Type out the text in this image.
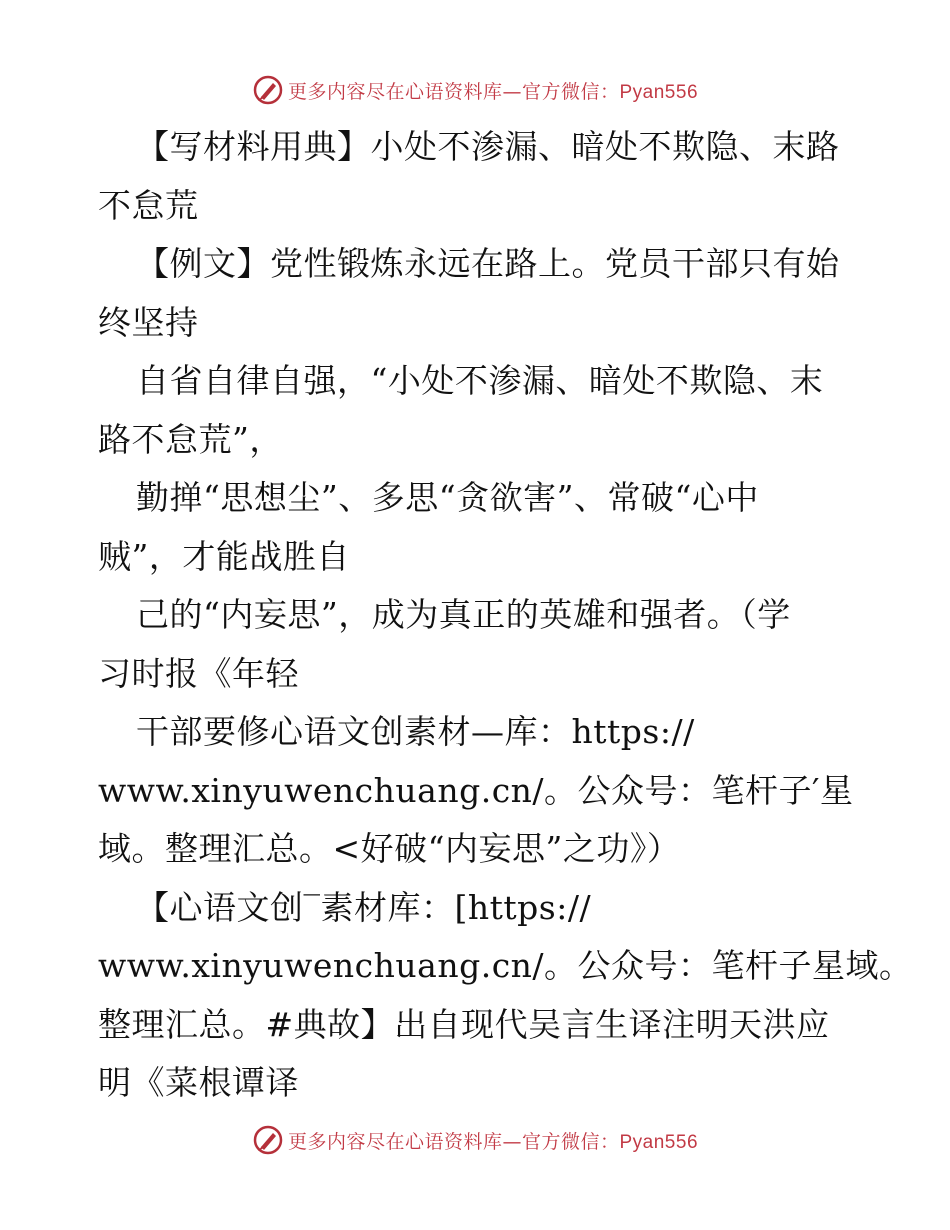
更多内容尽在心语资料库—官方微信：Pyan556
【写材料用典】小处不渗漏、暗处不欺隐、末路
不怠荒
【例文】党性锻炼永远在路上。党员干部只有始
终坚持
自省自律自强，“小处不渗漏、暗处不欺隐、末
路不怠荒”，
勤掸“思想尘”、多思“贪欲害”、常破“心中
贼”，才能战胜自
己的“内妄思”，成为真正的英雄和强者。（学
习时报《年轻
干部要修心语文创素材—库：https://
www.xinyuwenchuang.cn/。公众号：笔杆子′星
域。整理汇总。<好破“内妄思”之功》）
【心语文创‾素材库：[https://
www.xinyuwenchuang.cn/。公众号：笔杆子星域。
整理汇总。#典故】出自现代吴言生译注明天洪应
明《菜根谭译
更多内容尽在心语资料库—官方微信：Pyan556
